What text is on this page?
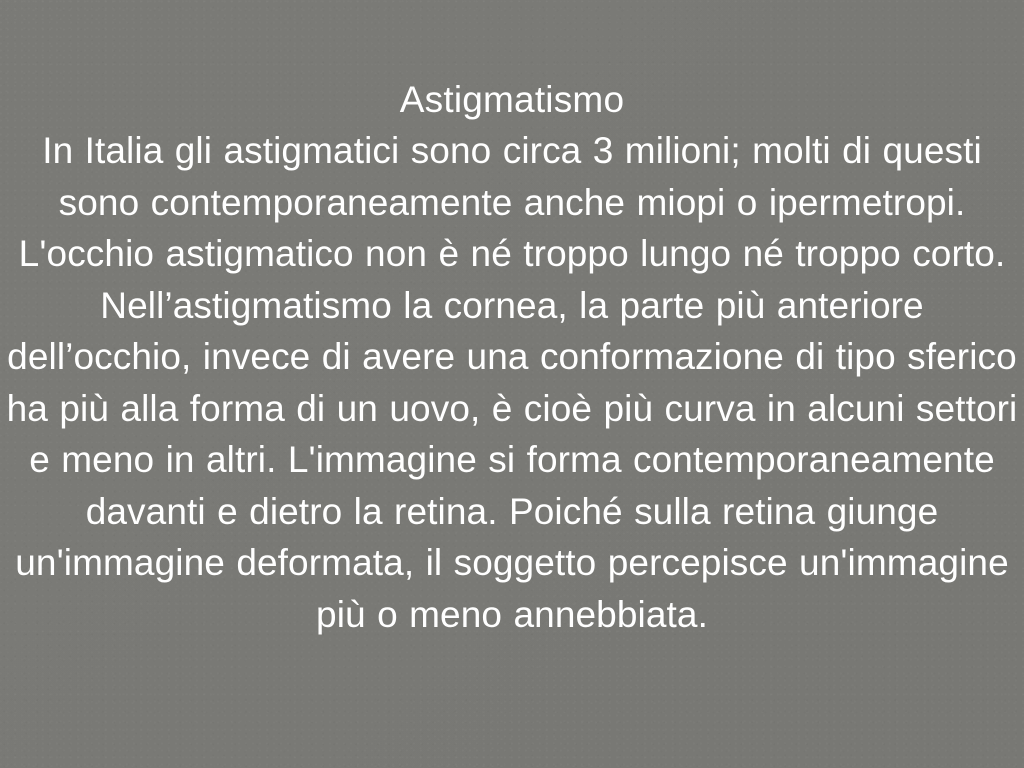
Astigmatismo
In Italia gli astigmatici sono circa 3 milioni; molti di questi sono contemporaneamente anche miopi o ipermetropi. L'occhio astigmatico non è né troppo lungo né troppo corto. Nell’astigmatismo la cornea, la parte più anteriore dell’occhio, invece di avere una conformazione di tipo sferico ha più alla forma di un uovo, è cioè più curva in alcuni settori e meno in altri. L'immagine si forma contemporaneamente davanti e dietro la retina. Poiché sulla retina giunge un'immagine deformata, il soggetto percepisce un'immagine più o meno annebbiata.
